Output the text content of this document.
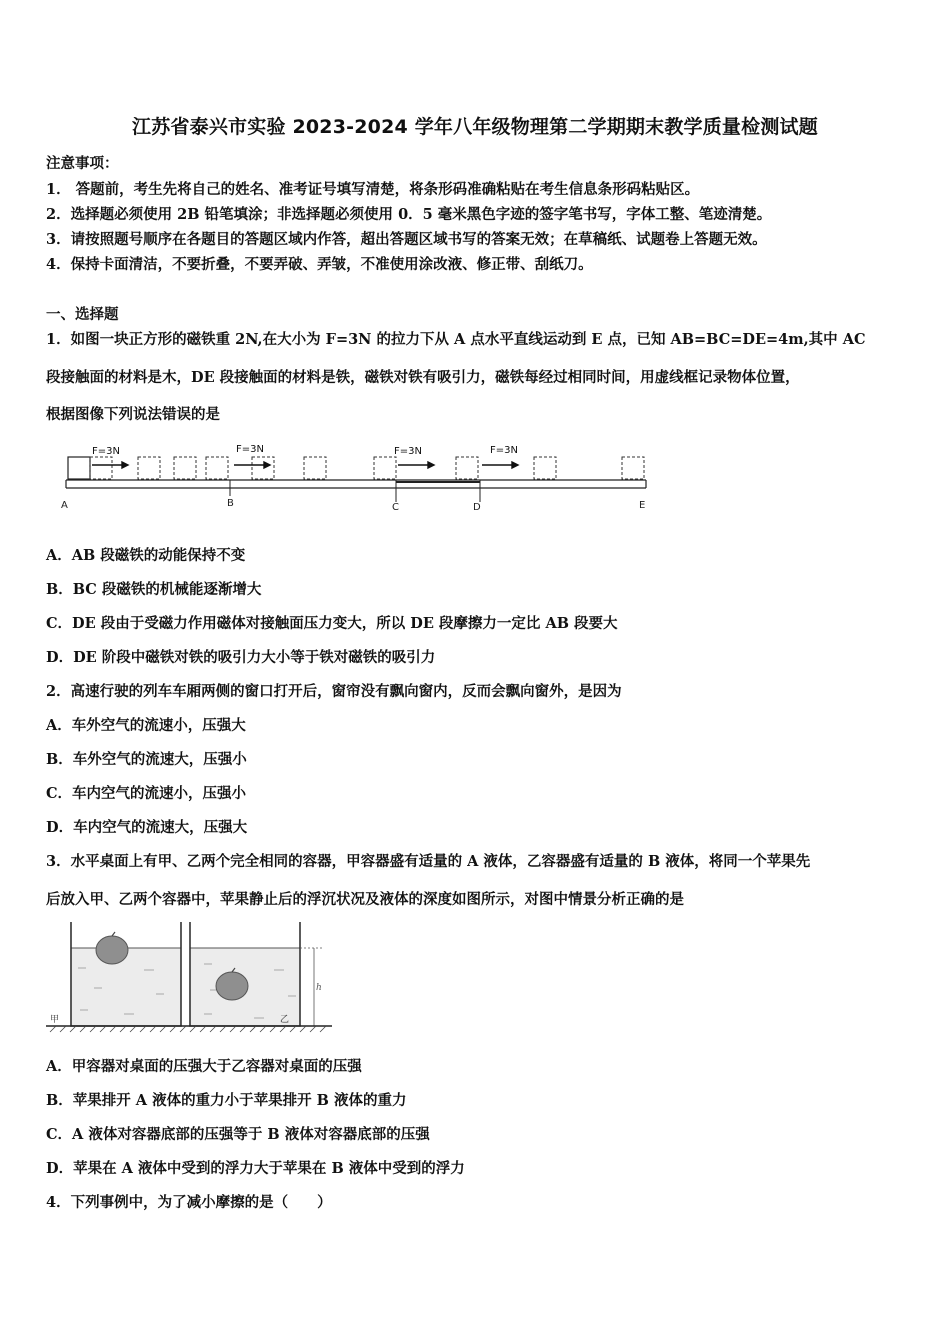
江苏省泰兴市实验 2023-2024 学年八年级物理第二学期期末教学质量检测试题
注意事项：
1． 答题前，考生先将自己的姓名、准考证号填写清楚，将条形码准确粘贴在考生信息条形码粘贴区。
2．选择题必须使用 2B 铅笔填涂；非选择题必须使用 0．5 毫米黑色字迹的签字笔书写，字体工整、笔迹清楚。
3．请按照题号顺序在各题目的答题区域内作答，超出答题区域书写的答案无效；在草稿纸、试题卷上答题无效。
4．保持卡面清洁，不要折叠，不要弄破、弄皱，不准使用涂改液、修正带、刮纸刀。
一、选择题
1．如图一块正方形的磁铁重 2N,在大小为 F=3N 的拉力下从 A 点水平直线运动到 E 点，已知 AB=BC=DE=4m,其中 AC
段接触面的材料是木，DE 段接触面的材料是铁，磁铁对铁有吸引力，磁铁每经过相同时间，用虚线框记录物体位置，
根据图像下列说法错误的是
F=3N	F=3N	F=3N	F=3N
A	B	C	D	E
A．AB 段磁铁的动能保持不变
B．BC 段磁铁的机械能逐渐增大
C．DE 段由于受磁力作用磁体对接触面压力变大，所以 DE 段摩擦力一定比 AB 段要大
D．DE 阶段中磁铁对铁的吸引力大小等于铁对磁铁的吸引力
2．高速行驶的列车车厢两侧的窗口打开后，窗帘没有飘向窗内，反而会飘向窗外，是因为
A．车外空气的流速小，压强大
B．车外空气的流速大，压强小
C．车内空气的流速小，压强小
D．车内空气的流速大，压强大
3．水平桌面上有甲、乙两个完全相同的容器，甲容器盛有适量的 A 液体，乙容器盛有适量的 B 液体，将同一个苹果先
后放入甲、乙两个容器中，苹果静止后的浮沉状况及液体的深度如图所示，对图中情景分析正确的是
h
甲	乙
A．甲容器对桌面的压强大于乙容器对桌面的压强
B．苹果排开 A 液体的重力小于苹果排开 B 液体的重力
C．A 液体对容器底部的压强等于 B 液体对容器底部的压强
D．苹果在 A 液体中受到的浮力大于苹果在 B 液体中受到的浮力
4．下列事例中，为了减小摩擦的是（　　）
